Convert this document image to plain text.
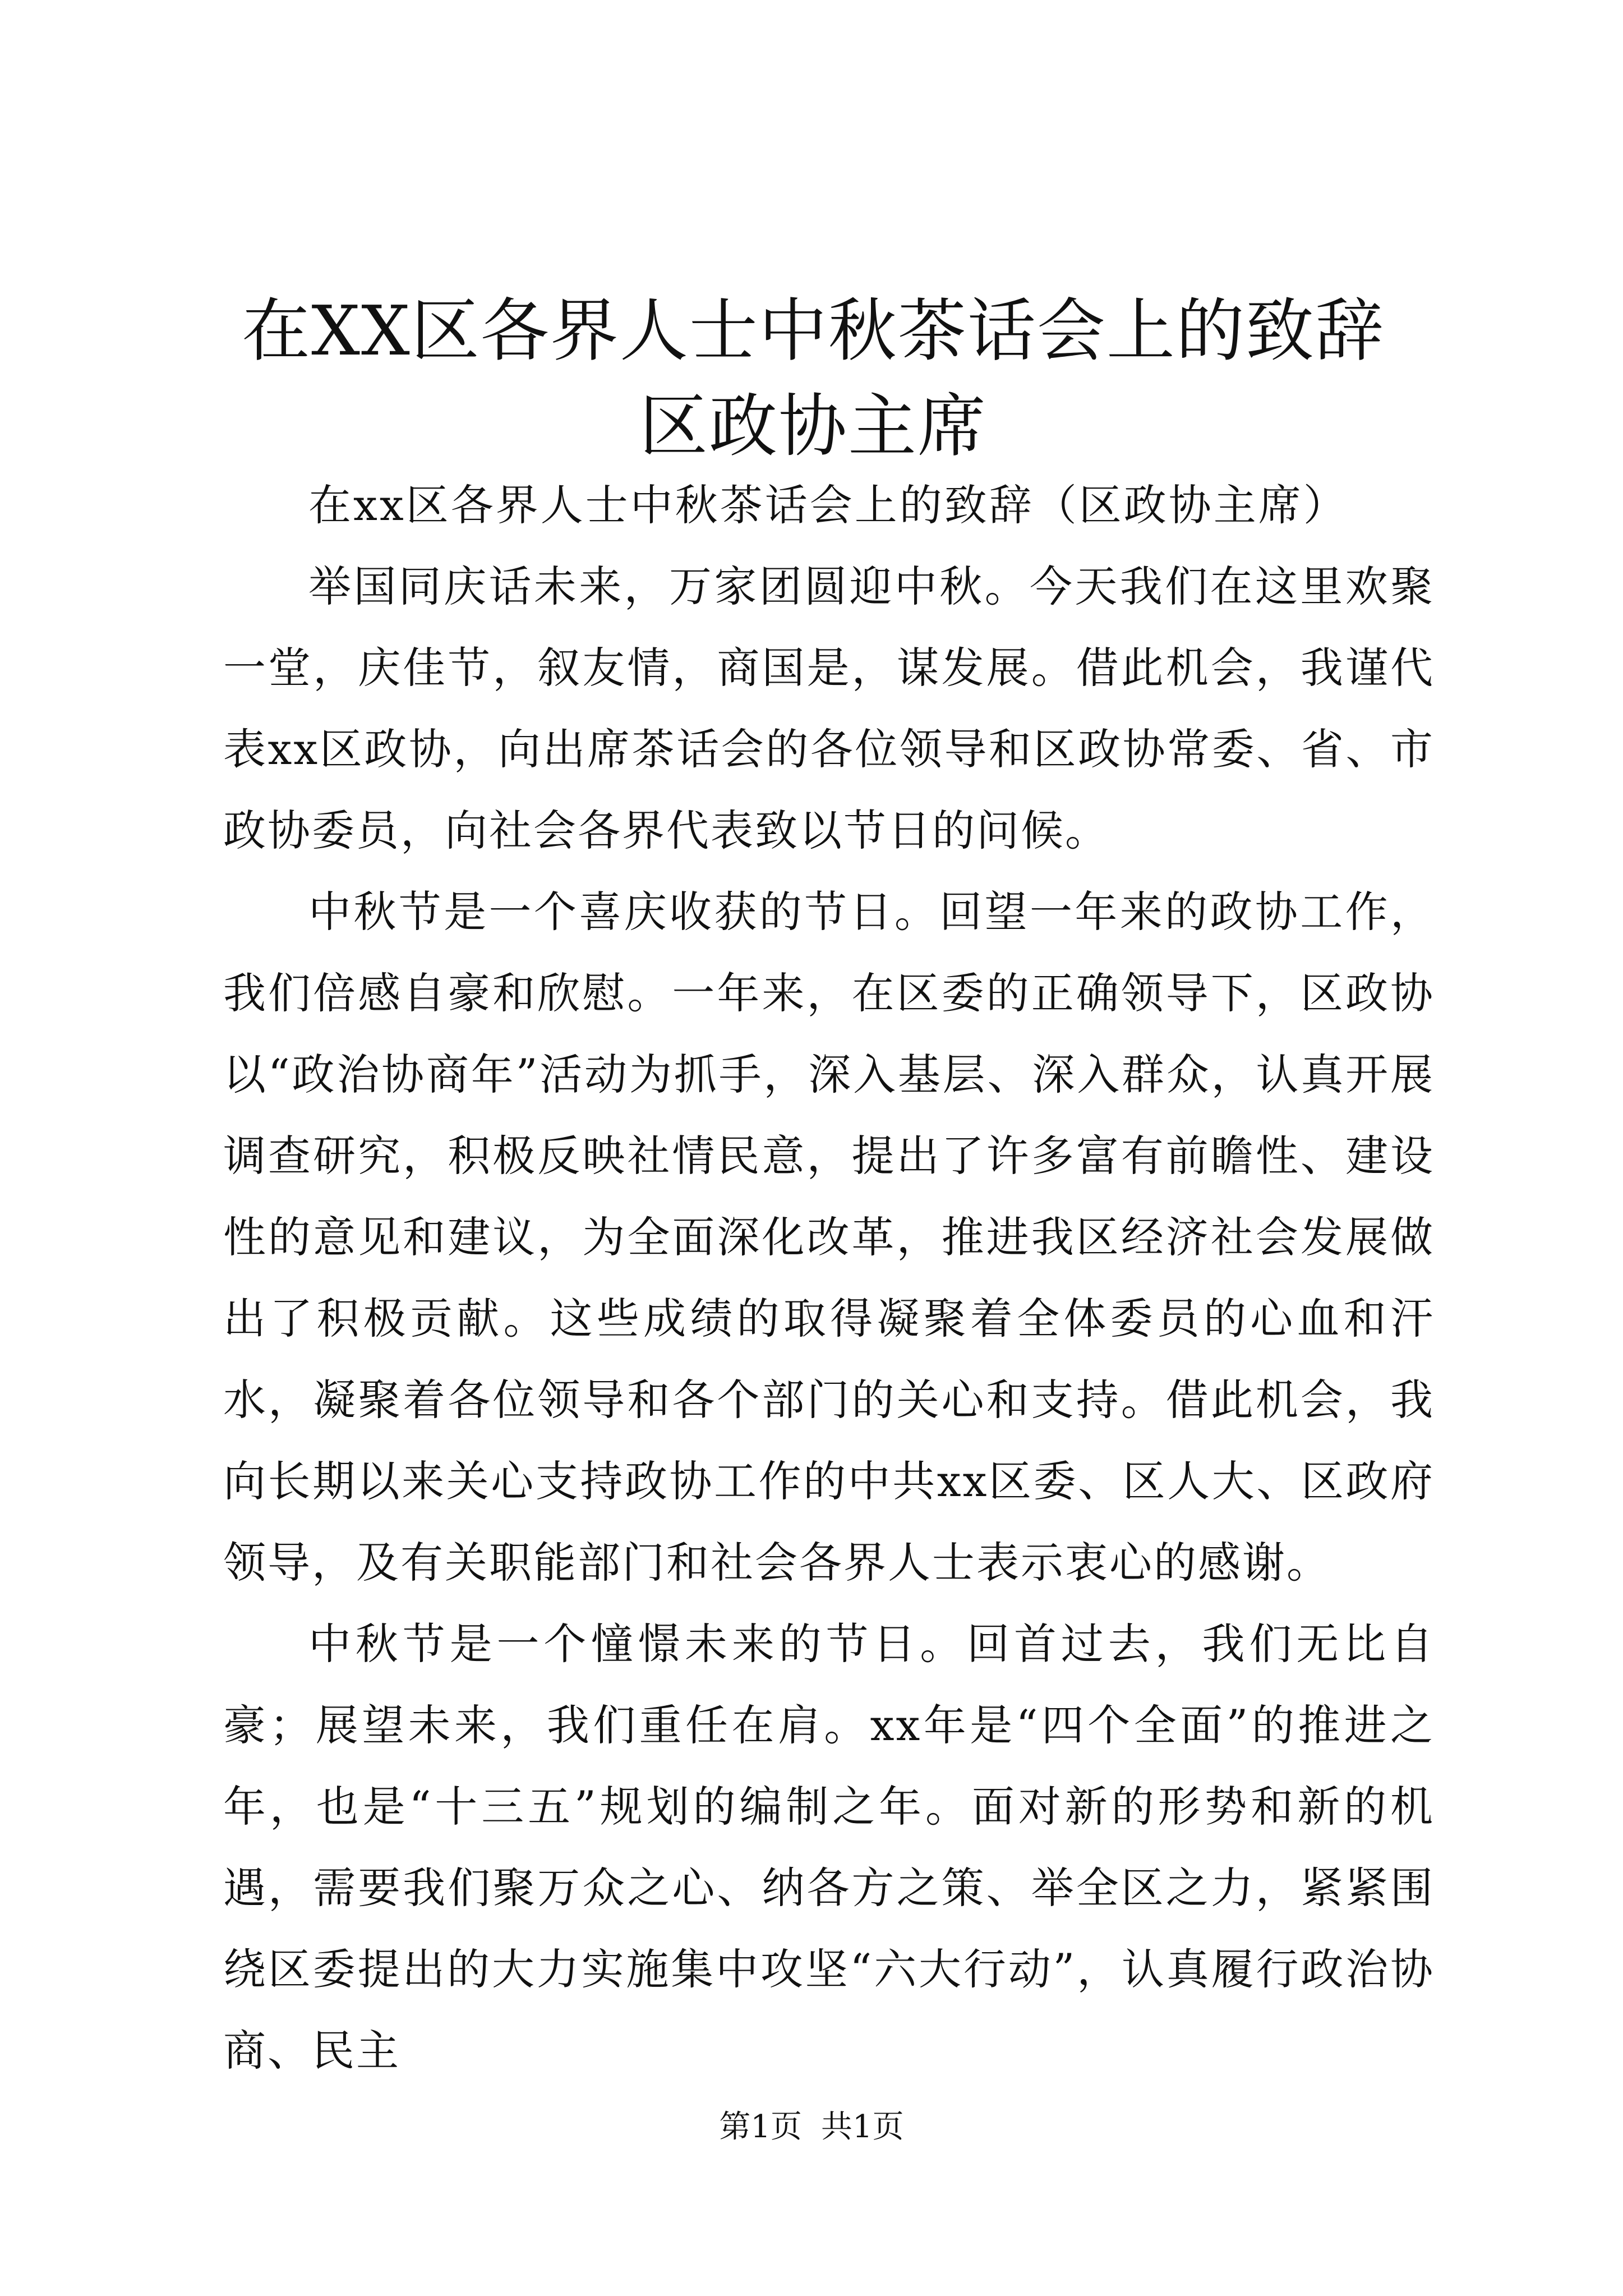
在XX区各界人士中秋茶话会上的致辞区政协主席

在xx区各界人士中秋茶话会上的致辞（区政协主席）

举国同庆话未来，万家团圆迎中秋。今天我们在这里欢聚一堂，庆佳节，叙友情，商国是，谋发展。借此机会，我谨代表xx区政协，向出席茶话会的各位领导和区政协常委、省、市政协委员，向社会各界代表致以节日的问候。

中秋节是一个喜庆收获的节日。回望一年来的政协工作，我们倍感自豪和欣慰。一年来，在区委的正确领导下，区政协以“政治协商年”活动为抓手，深入基层、深入群众，认真开展调查研究，积极反映社情民意，提出了许多富有前瞻性、建设性的意见和建议，为全面深化改革，推进我区经济社会发展做出了积极贡献。这些成绩的取得凝聚着全体委员的心血和汗水，凝聚着各位领导和各个部门的关心和支持。借此机会，我向长期以来关心支持政协工作的中共xx区委、区人大、区政府领导，及有关职能部门和社会各界人士表示衷心的感谢。

中秋节是一个憧憬未来的节日。回首过去，我们无比自豪；展望未来，我们重任在肩。xx年是“四个全面”的推进之年，也是“十三五”规划的编制之年。面对新的形势和新的机遇，需要我们聚万众之心、纳各方之策、举全区之力，紧紧围绕区委提出的大力实施集中攻坚“六大行动”，认真履行政治协商、民主

第1页 共1页
